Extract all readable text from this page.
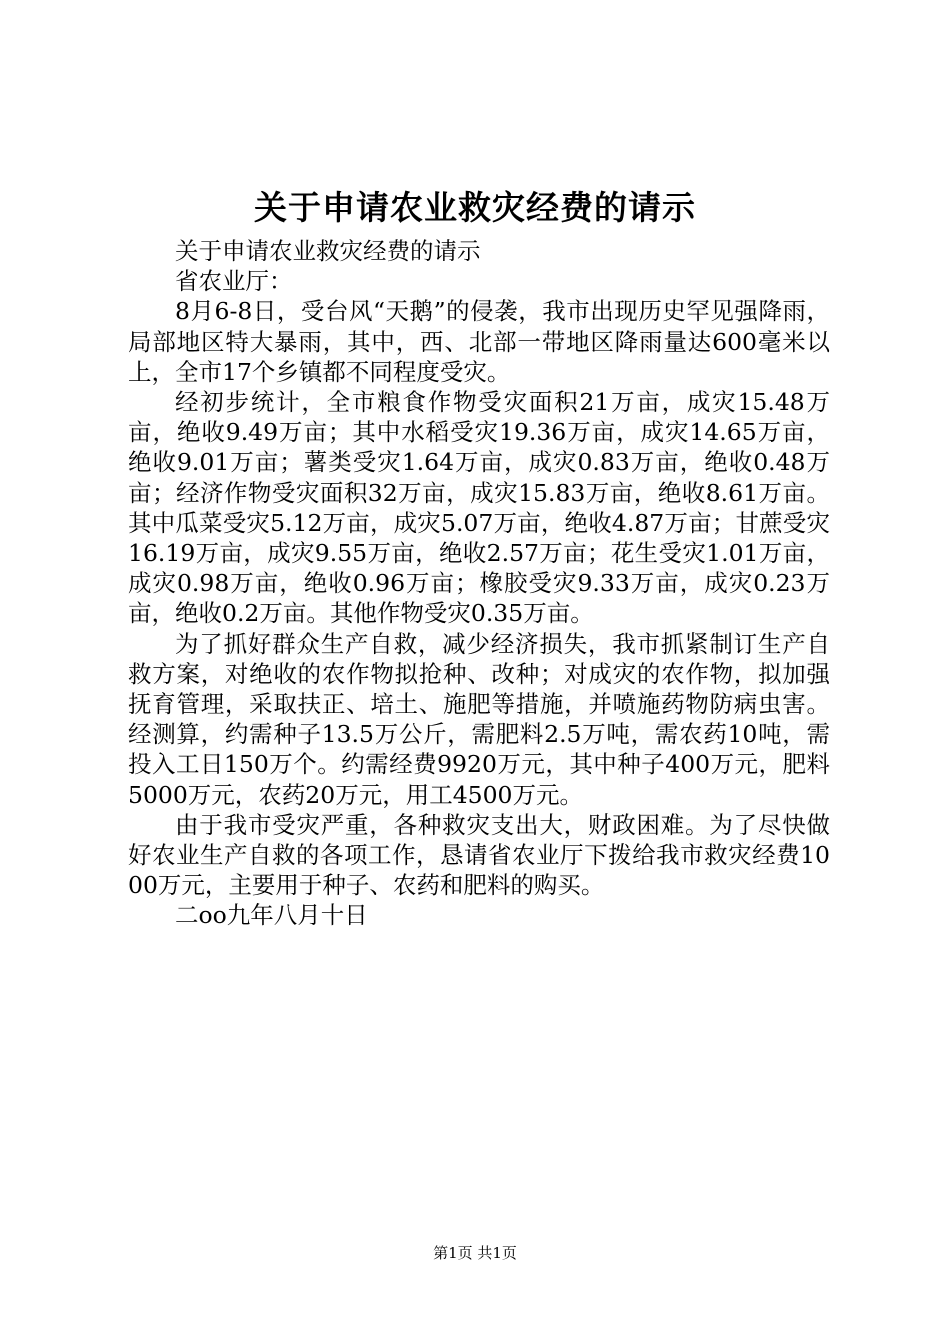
关于申请农业救灾经费的请示

关于申请农业救灾经费的请示

省农业厅：

8月6-8日，受台风“天鹅”的侵袭，我市出现历史罕见强降雨，局部地区特大暴雨，其中，西、北部一带地区降雨量达600毫米以上，全市17个乡镇都不同程度受灾。

经初步统计，全市粮食作物受灾面积21万亩，成灾15.48万亩，绝收9.49万亩；其中水稻受灾19.36万亩，成灾14.65万亩，绝收9.01万亩；薯类受灾1.64万亩，成灾0.83万亩，绝收0.48万亩；经济作物受灾面积32万亩，成灾15.83万亩，绝收8.61万亩。其中瓜菜受灾5.12万亩，成灾5.07万亩，绝收4.87万亩；甘蔗受灾16.19万亩，成灾9.55万亩，绝收2.57万亩；花生受灾1.01万亩，成灾0.98万亩，绝收0.96万亩；橡胶受灾9.33万亩，成灾0.23万亩，绝收0.2万亩。其他作物受灾0.35万亩。

为了抓好群众生产自救，减少经济损失，我市抓紧制订生产自救方案，对绝收的农作物拟抢种、改种；对成灾的农作物，拟加强抚育管理，采取扶正、培土、施肥等措施，并喷施药物防病虫害。经测算，约需种子13.5万公斤，需肥料2.5万吨，需农药10吨，需投入工日150万个。约需经费9920万元，其中种子400万元，肥料5000万元，农药20万元，用工4500万元。

由于我市受灾严重，各种救灾支出大，财政困难。为了尽快做好农业生产自救的各项工作，恳请省农业厅下拨给我市救灾经费1000万元，主要用于种子、农药和肥料的购买。

二oo九年八月十日

第1页 共1页
